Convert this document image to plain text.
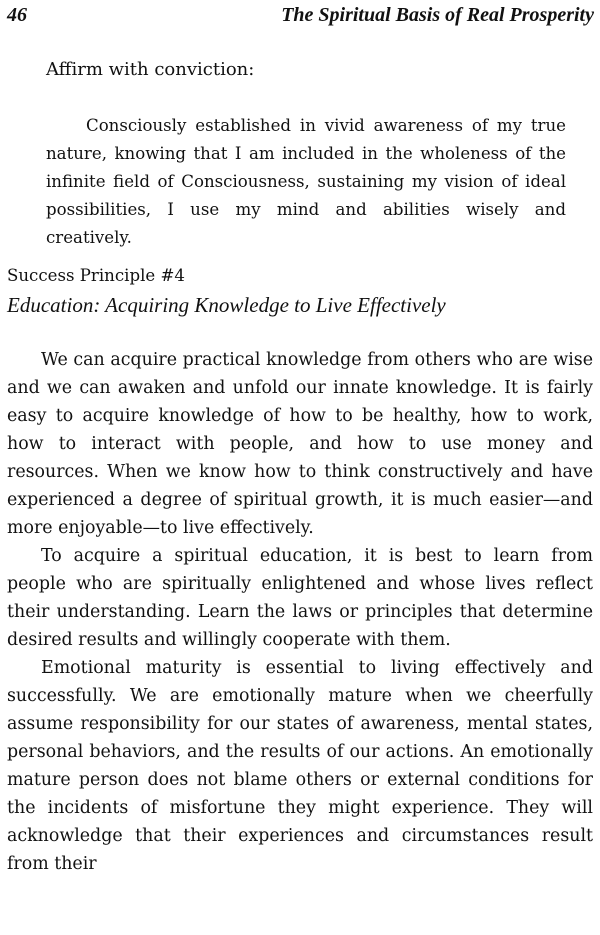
46	The Spiritual Basis of Real Prosperity
Affirm with conviction:
Consciously established in vivid awareness of my true nature, knowing that I am included in the wholeness of the infinite field of Consciousness, sustaining my vision of ideal possibilities, I use my mind and abilities wisely and creatively.
Success Principle #4
Education: Acquiring Knowledge to Live Effectively

We can acquire practical knowledge from others who are wise and we can awaken and unfold our innate knowledge. It is fairly easy to acquire knowledge of how to be healthy, how to work, how to interact with people, and how to use money and resources. When we know how to think constructively and have experienced a degree of spiritual growth, it is much easier—and more enjoyable—to live effectively.

To acquire a spiritual education, it is best to learn from people who are spiritually enlightened and whose lives reflect their understanding. Learn the laws or principles that determine desired results and willingly cooperate with them.

Emotional maturity is essential to living effectively and successfully. We are emotionally mature when we cheerfully assume responsibility for our states of awareness, mental states, personal behaviors, and the results of our actions. An emotionally mature person does not blame others or external conditions for the incidents of misfortune they might experience. They will acknowledge that their experiences and circumstances result from their
